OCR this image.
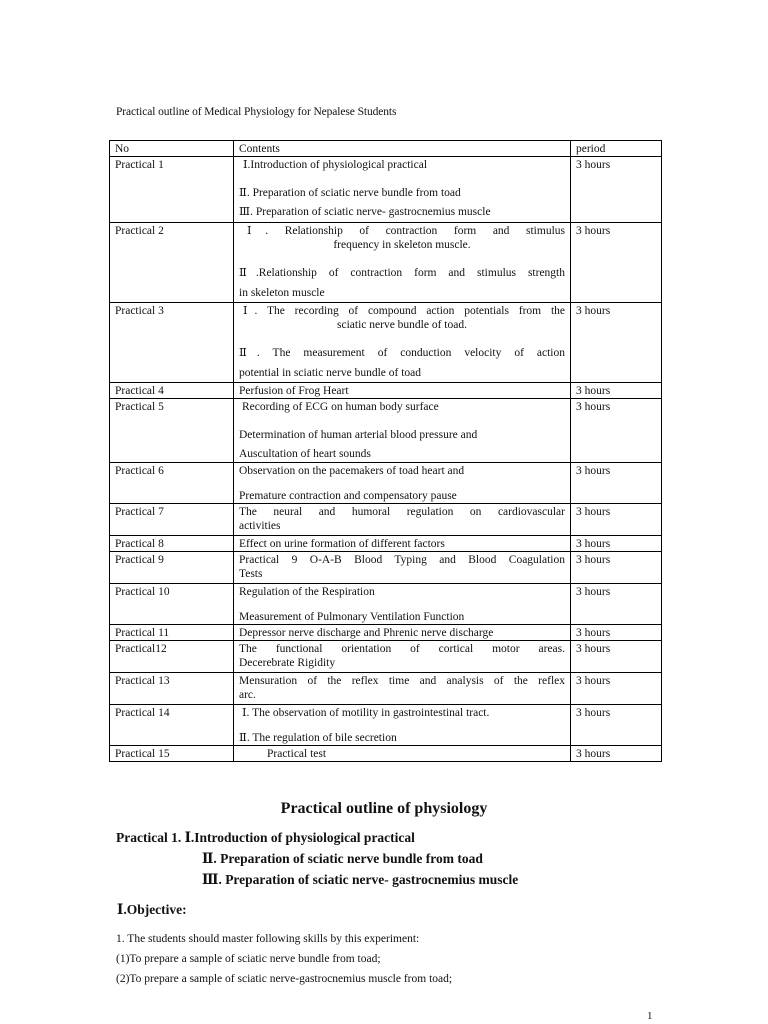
Practical outline of Medical Physiology for Nepalese Students
No	Contents	period
Practical 1	Ⅰ.Introduction of physiological practical
Ⅱ. Preparation of sciatic nerve bundle from toad
Ⅲ. Preparation of sciatic nerve- gastrocnemius muscle	3 hours
Practical 2	Ⅰ. Relationship of contraction form and stimulus
frequency in skeleton muscle.
Ⅱ.Relationship of contraction form and stimulus strength
in skeleton muscle	3 hours
Practical 3	Ⅰ. The recording of compound action potentials from the
sciatic nerve bundle of toad.
Ⅱ. The measurement of conduction velocity of action
potential in sciatic nerve bundle of toad	3 hours
Practical 4	Perfusion of Frog Heart	3 hours
Practical 5	Recording of ECG on human body surface
Determination of human arterial blood pressure and
Auscultation of heart sounds	3 hours
Practical 6	Observation on the pacemakers of toad heart and
Premature contraction and compensatory pause	3 hours
Practical 7	The neural and humoral regulation on cardiovascular
activities	3 hours
Practical 8	Effect on urine formation of different factors	3 hours
Practical 9	Practical 9 O-A-B Blood Typing and Blood Coagulation
Tests	3 hours
Practical 10	Regulation of the Respiration
Measurement of Pulmonary Ventilation Function	3 hours
Practical 11	Depressor nerve discharge and Phrenic nerve discharge	3 hours
Practical12	The functional orientation of cortical motor areas.
Decerebrate Rigidity	3 hours
Practical 13	Mensuration of the reflex time and analysis of the reflex
arc.	3 hours
Practical 14	Ⅰ. The observation of motility in gastrointestinal tract.
Ⅱ. The regulation of bile secretion	3 hours
Practical 15	Practical test	3 hours
Practical outline of physiology
Practical 1. Ⅰ.Introduction of physiological practical
Ⅱ. Preparation of sciatic nerve bundle from toad
Ⅲ. Preparation of sciatic nerve- gastrocnemius muscle
Ⅰ.Objective:
1. The students should master following skills by this experiment:
(1)To prepare a sample of sciatic nerve bundle from toad;
(2)To prepare a sample of sciatic nerve-gastrocnemius muscle from toad;
1
